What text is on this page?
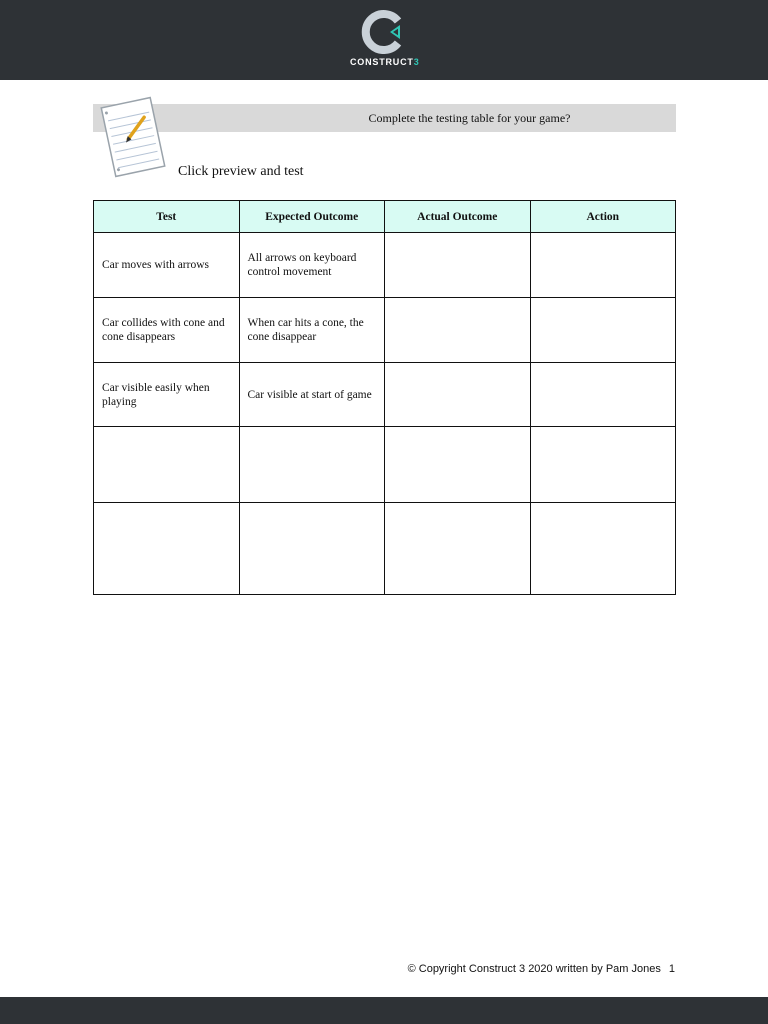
CONSTRUCT3
Complete the testing table for your game?
Click preview and test
Test	Expected Outcome	Actual Outcome	Action
Car moves with arrows	All arrows on keyboard control movement		
Car collides with cone and cone disappears	When car hits a cone, the cone disappear		
Car visible easily when playing	Car visible at start of game		

© Copyright Construct 3 2020 written by Pam Jones 1
